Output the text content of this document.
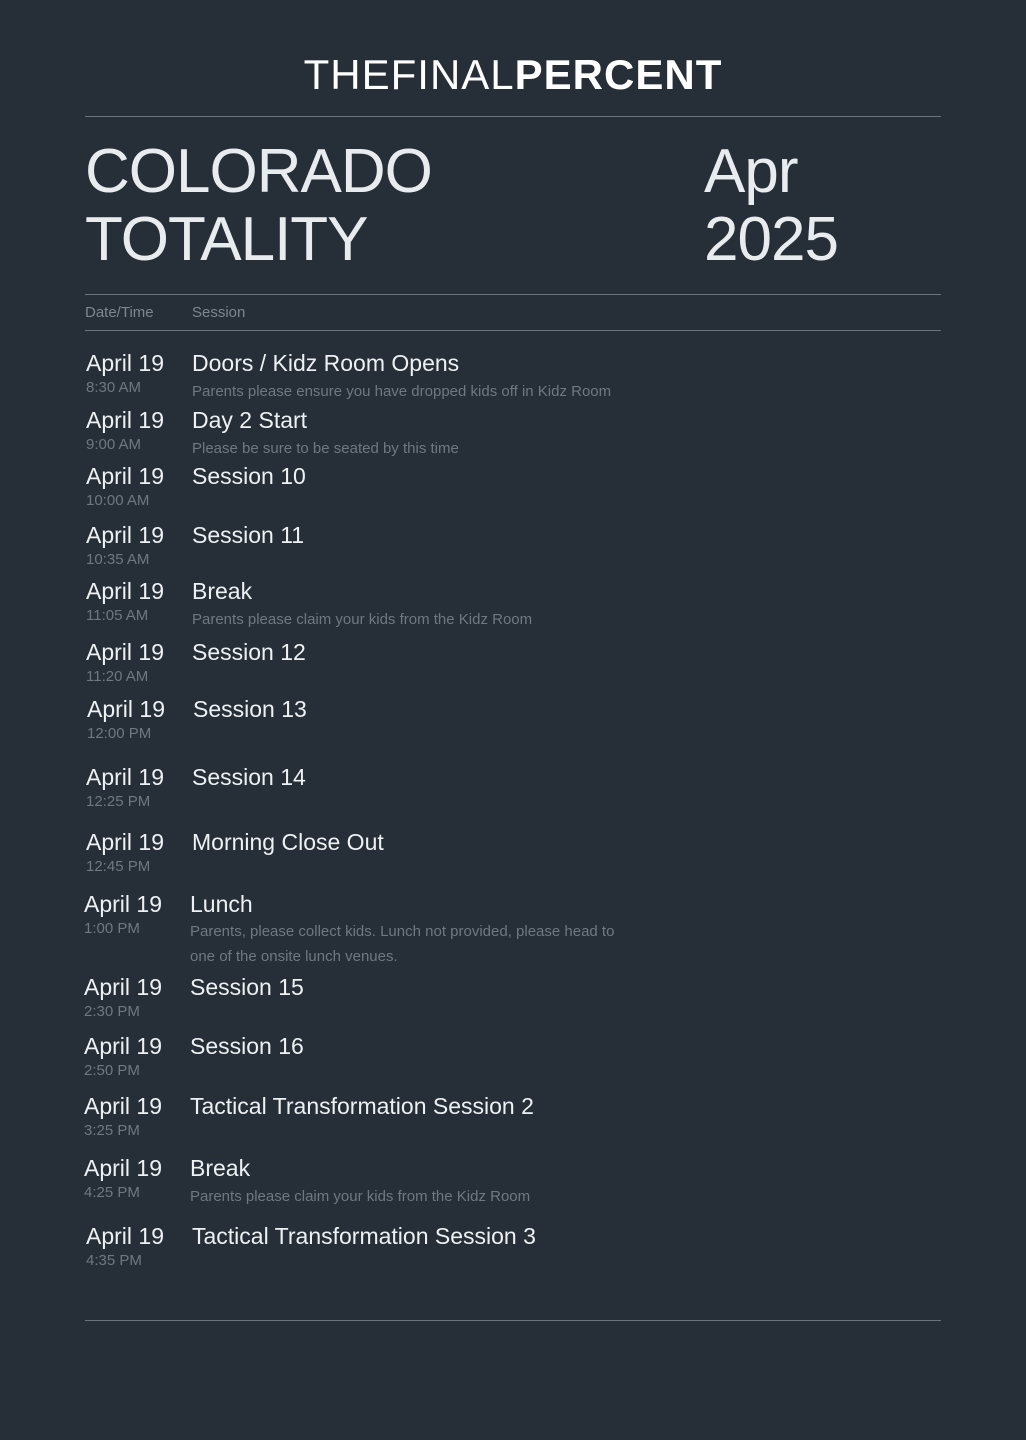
THEFINALPERCENT
COLORADO
TOTALITY
Apr
2025
Date/Time	Session
April 19
8:30 AM
Doors / Kidz Room Opens
Parents please ensure you have dropped kids off in Kidz Room
April 19
9:00 AM
Day 2 Start
Please be sure to be seated by this time
April 19
10:00 AM
Session 10
April 19
10:35 AM
Session 11
April 19
11:05 AM
Break
Parents please claim your kids from the Kidz Room
April 19
11:20 AM
Session 12
April 19
12:00 PM
Session 13
April 19
12:25 PM
Session 14
April 19
12:45 PM
Morning Close Out
April 19
1:00 PM
Lunch
Parents, please collect kids. Lunch not provided, please head to one of the onsite lunch venues.
April 19
2:30 PM
Session 15
April 19
2:50 PM
Session 16
April 19
3:25 PM
Tactical Transformation Session 2
April 19
4:25 PM
Break
Parents please claim your kids from the Kidz Room
April 19
4:35 PM
Tactical Transformation Session 3
